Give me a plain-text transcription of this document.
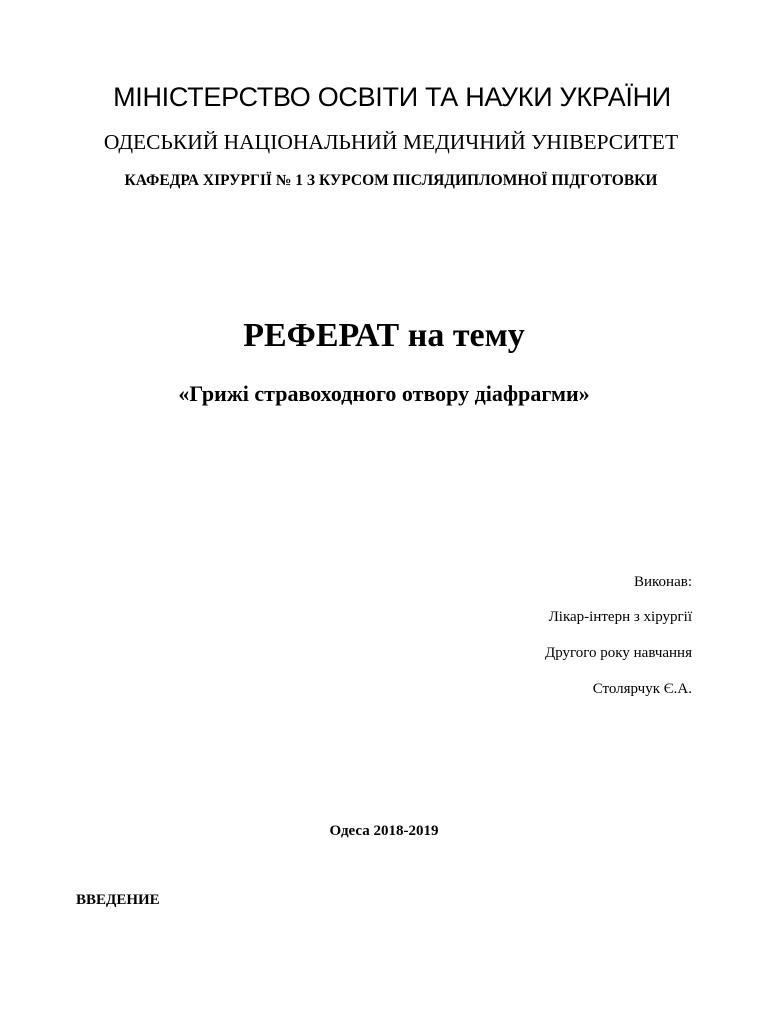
МІНІСТЕРСТВО ОСВІТИ ТА НАУКИ УКРАЇНИ
ОДЕСЬКИЙ НАЦІОНАЛЬНИЙ МЕДИЧНИЙ УНІВЕРСИТЕТ
КАФЕДРА ХІРУРГІЇ № 1 З КУРСОМ ПІСЛЯДИПЛОМНОЇ ПІДГОТОВКИ
РЕФЕРАТ на тему
«Грижі стравоходного отвору діафрагми»
Виконав:
Лікар-інтерн з хірургії
Другого року навчання
Столярчук Є.А.
Одеса 2018-2019
ВВЕДЕНИЕ
